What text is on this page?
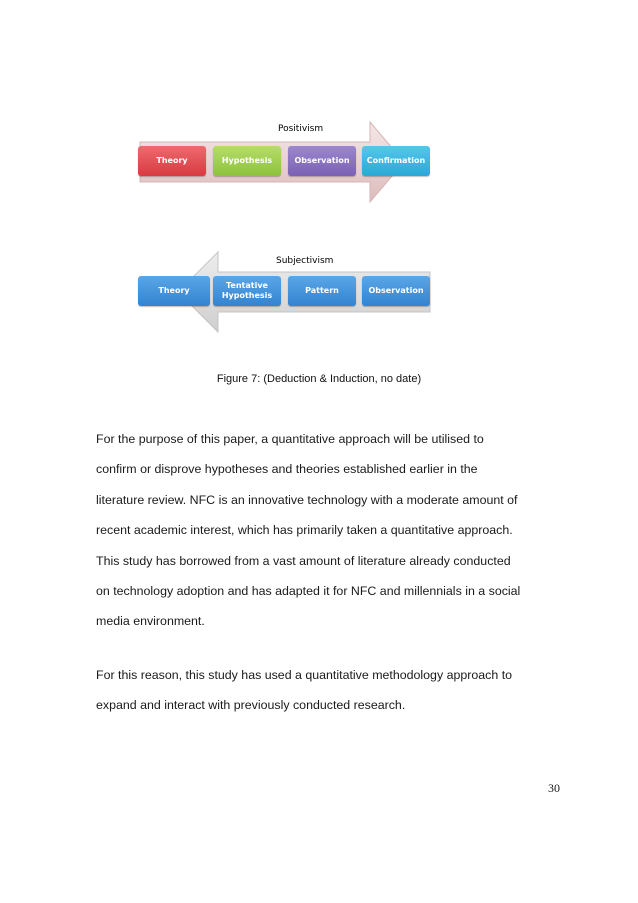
Positivism
Theory	Hypothesis	Observation	Confirmation
Subjectivism
Theory
Tentative Hypothesis
Pattern	Observation
Figure 7: (Deduction & Induction, no date)
For the purpose of this paper, a quantitative approach will be utilised to
confirm or disprove hypotheses and theories established earlier in the
literature review. NFC is an innovative technology with a moderate amount of
recent academic interest, which has primarily taken a quantitative approach.
This study has borrowed from a vast amount of literature already conducted
on technology adoption and has adapted it for NFC and millennials in a social
media environment.
For this reason, this study has used a quantitative methodology approach to
expand and interact with previously conducted research.
30
